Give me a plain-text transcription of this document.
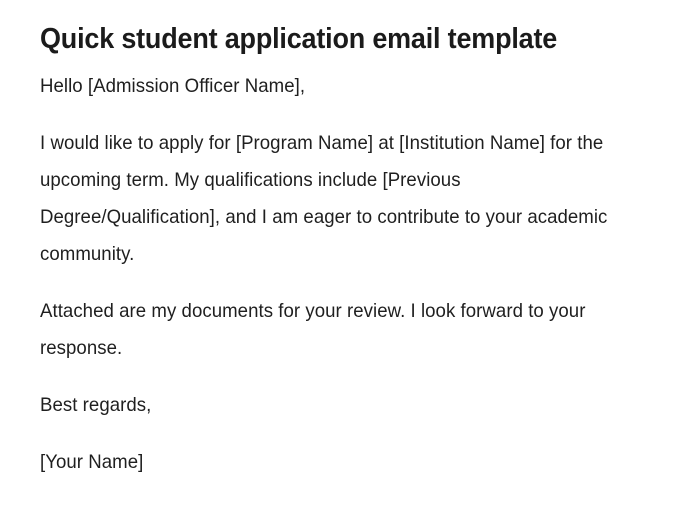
Quick student application email template

Hello [Admission Officer Name],

I would like to apply for [Program Name] at [Institution Name] for the upcoming term. My qualifications include [Previous Degree/Qualification], and I am eager to contribute to your academic community.

Attached are my documents for your review. I look forward to your response.

Best regards,

[Your Name]
